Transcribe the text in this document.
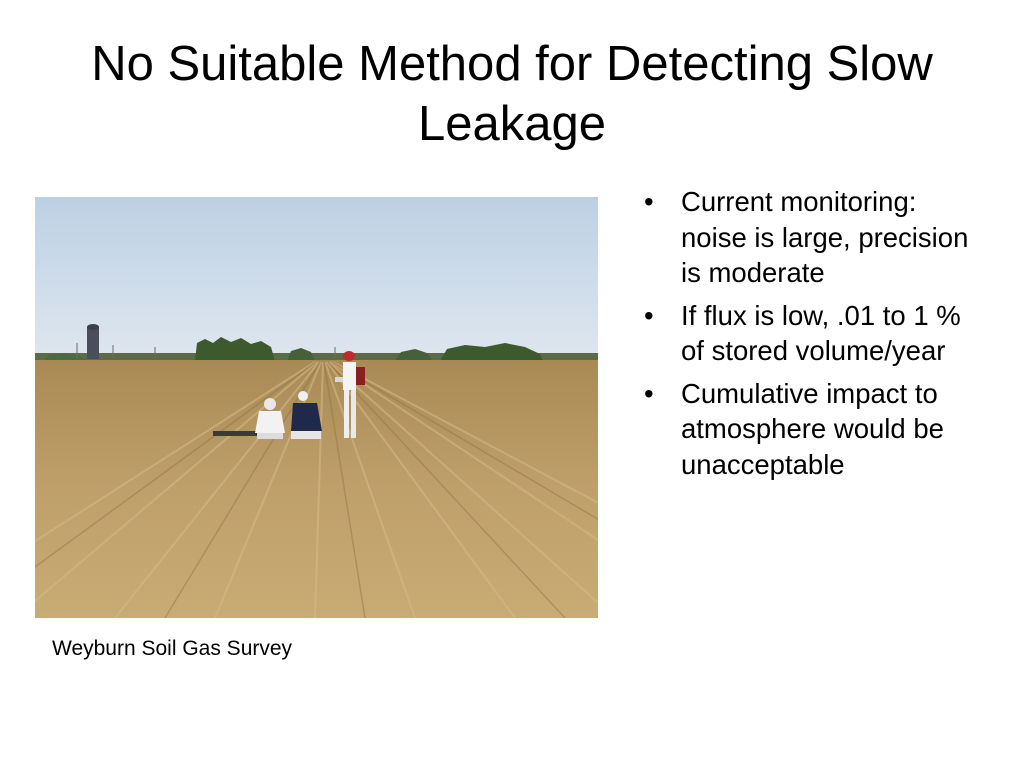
No Suitable Method for Detecting Slow Leakage
Weyburn Soil Gas Survey
• Current monitoring: noise is large, precision is moderate
• If flux is low, .01 to 1 % of stored volume/year
• Cumulative impact to atmosphere would be unacceptable
